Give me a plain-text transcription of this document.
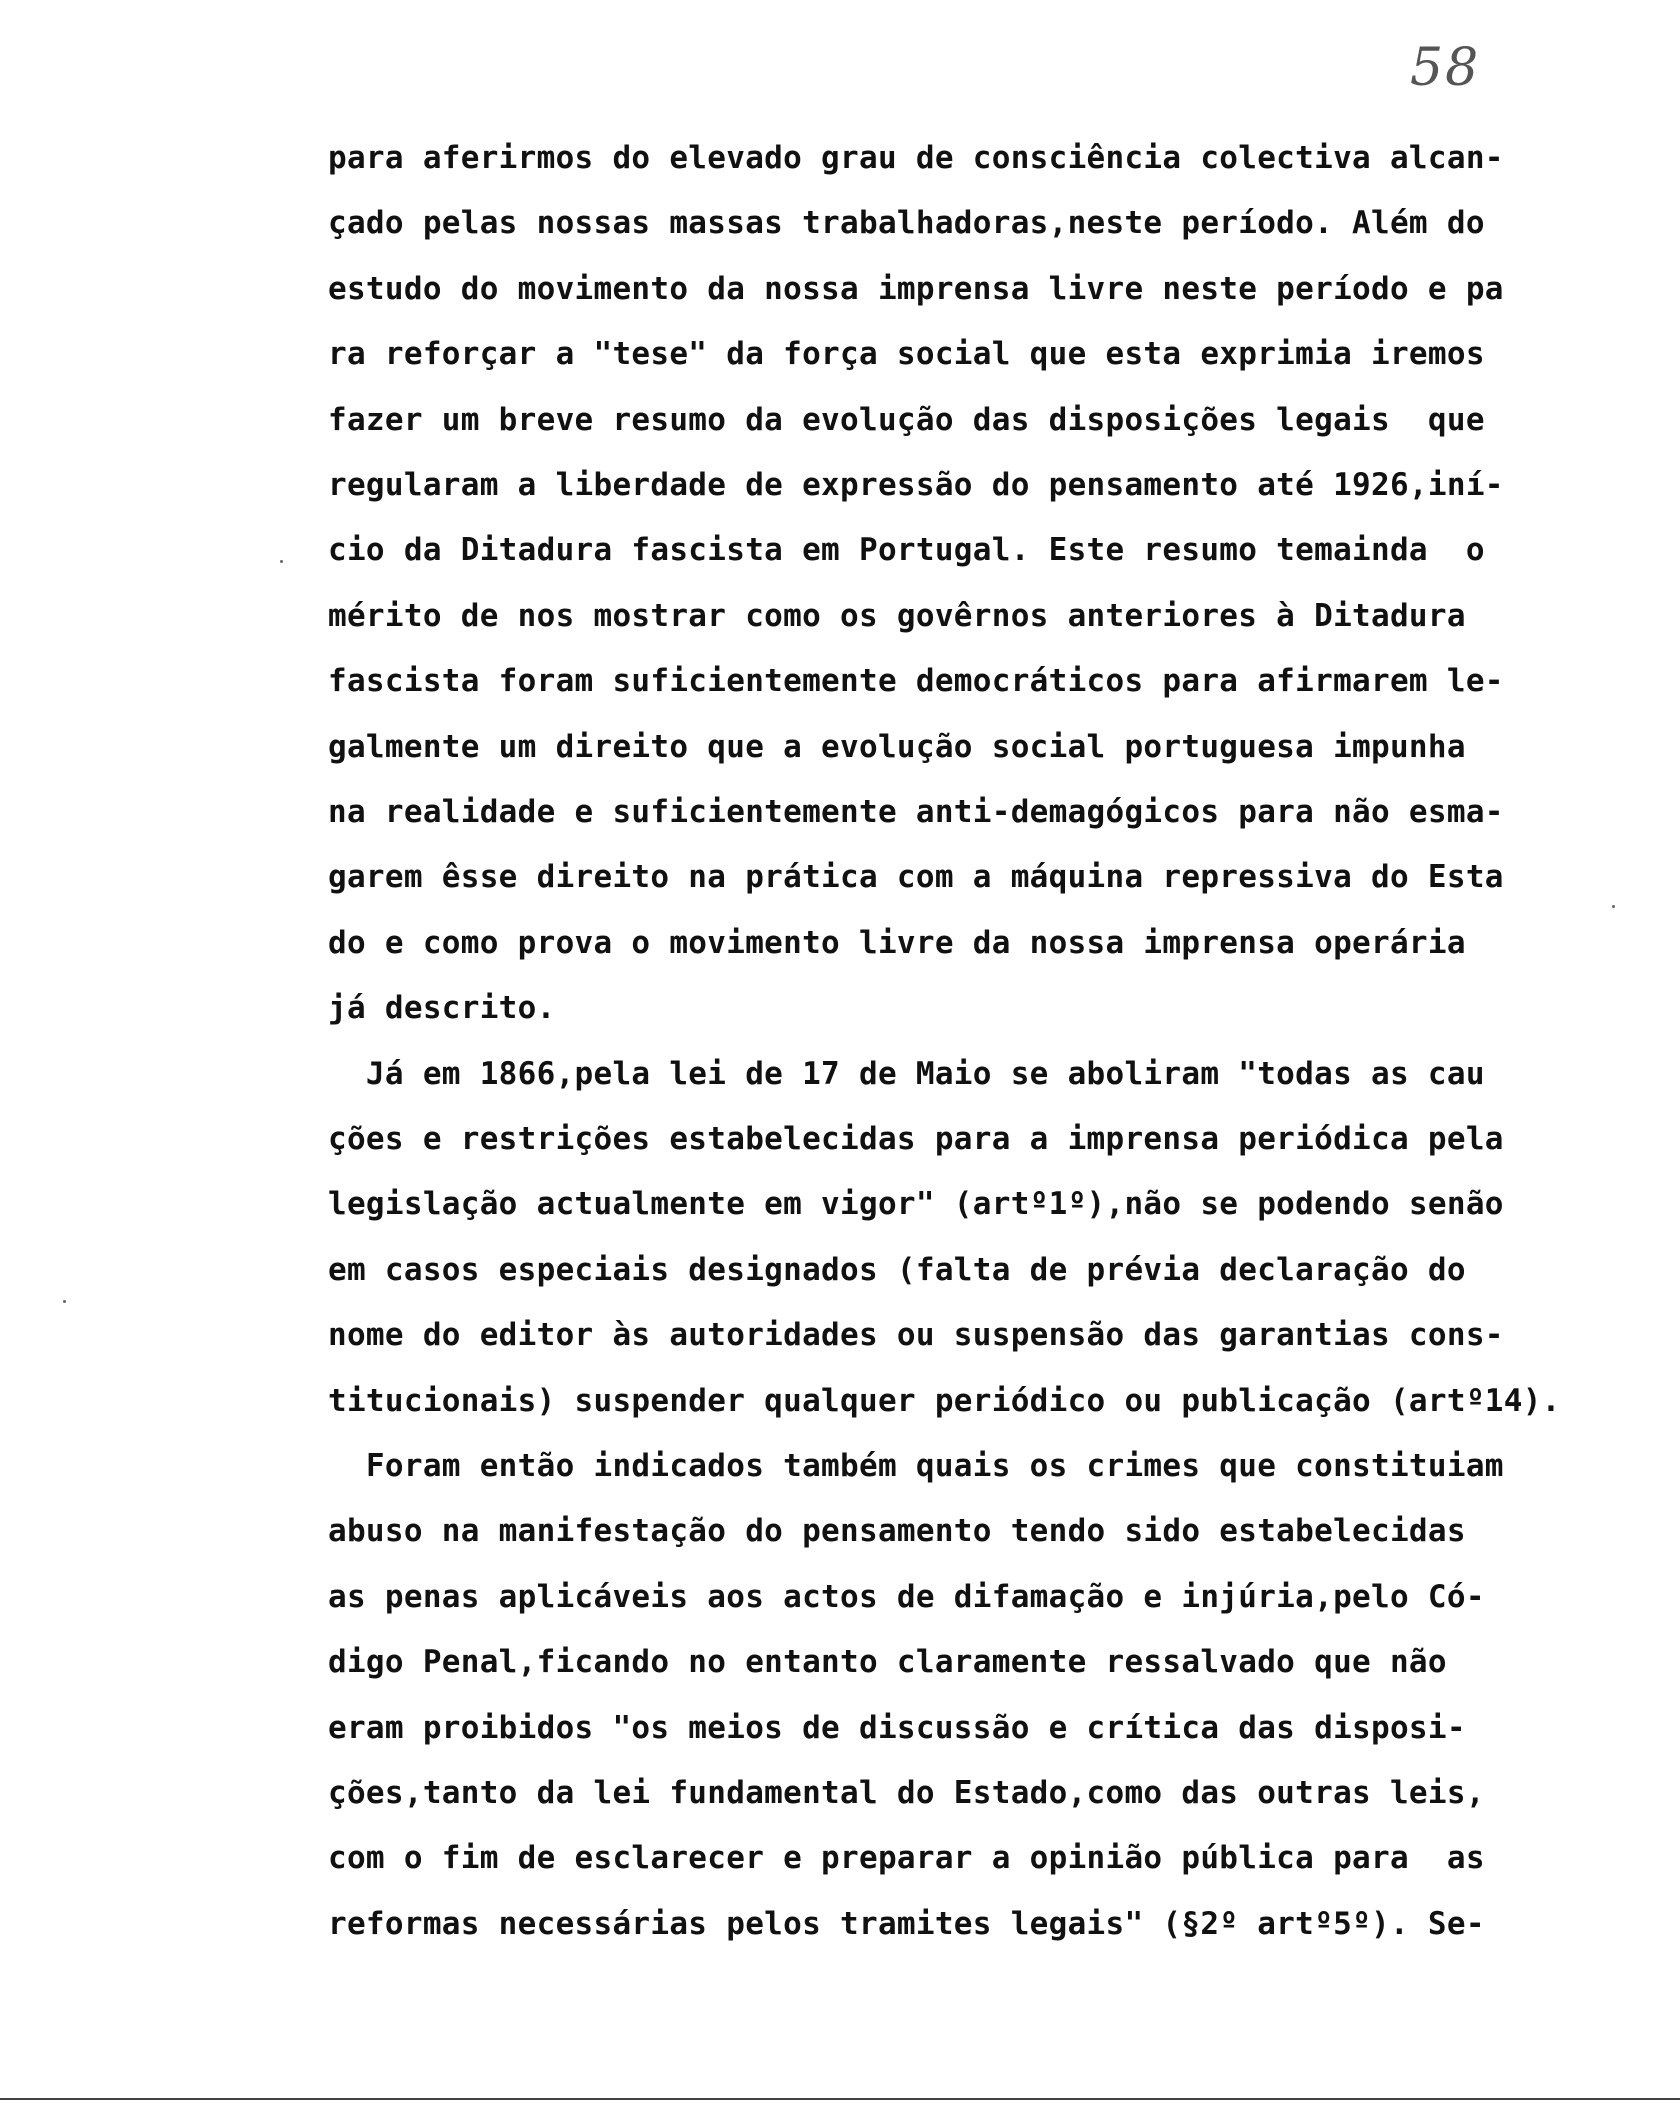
58
para aferirmos do elevado grau de consciência colectiva alcan-
çado pelas nossas massas trabalhadoras,neste período. Além do
estudo do movimento da nossa imprensa livre neste período e pa
ra reforçar a "tese" da força social que esta exprimia iremos
fazer um breve resumo da evolução das disposições legais  que
regularam a liberdade de expressão do pensamento até 1926,iní-
cio da Ditadura fascista em Portugal. Este resumo temainda  o
mérito de nos mostrar como os govêrnos anteriores à Ditadura
fascista foram suficientemente democráticos para afirmarem le-
galmente um direito que a evolução social portuguesa impunha
na realidade e suficientemente anti-demagógicos para não esma-
garem êsse direito na prática com a máquina repressiva do Esta
do e como prova o movimento livre da nossa imprensa operária
já descrito.
Já em 1866,pela lei de 17 de Maio se aboliram "todas as cau
ções e restrições estabelecidas para a imprensa periódica pela
legislação actualmente em vigor" (artº1º),não se podendo senão
em casos especiais designados (falta de prévia declaração do
nome do editor às autoridades ou suspensão das garantias cons-
titucionais) suspender qualquer periódico ou publicação (artº14).
Foram então indicados também quais os crimes que constituiam
abuso na manifestação do pensamento tendo sido estabelecidas
as penas aplicáveis aos actos de difamação e injúria,pelo Có-
digo Penal,ficando no entanto claramente ressalvado que não
eram proibidos "os meios de discussão e crítica das disposi-
ções,tanto da lei fundamental do Estado,como das outras leis,
com o fim de esclarecer e preparar a opinião pública para  as
reformas necessárias pelos tramites legais" (§2º artº5º). Se-
